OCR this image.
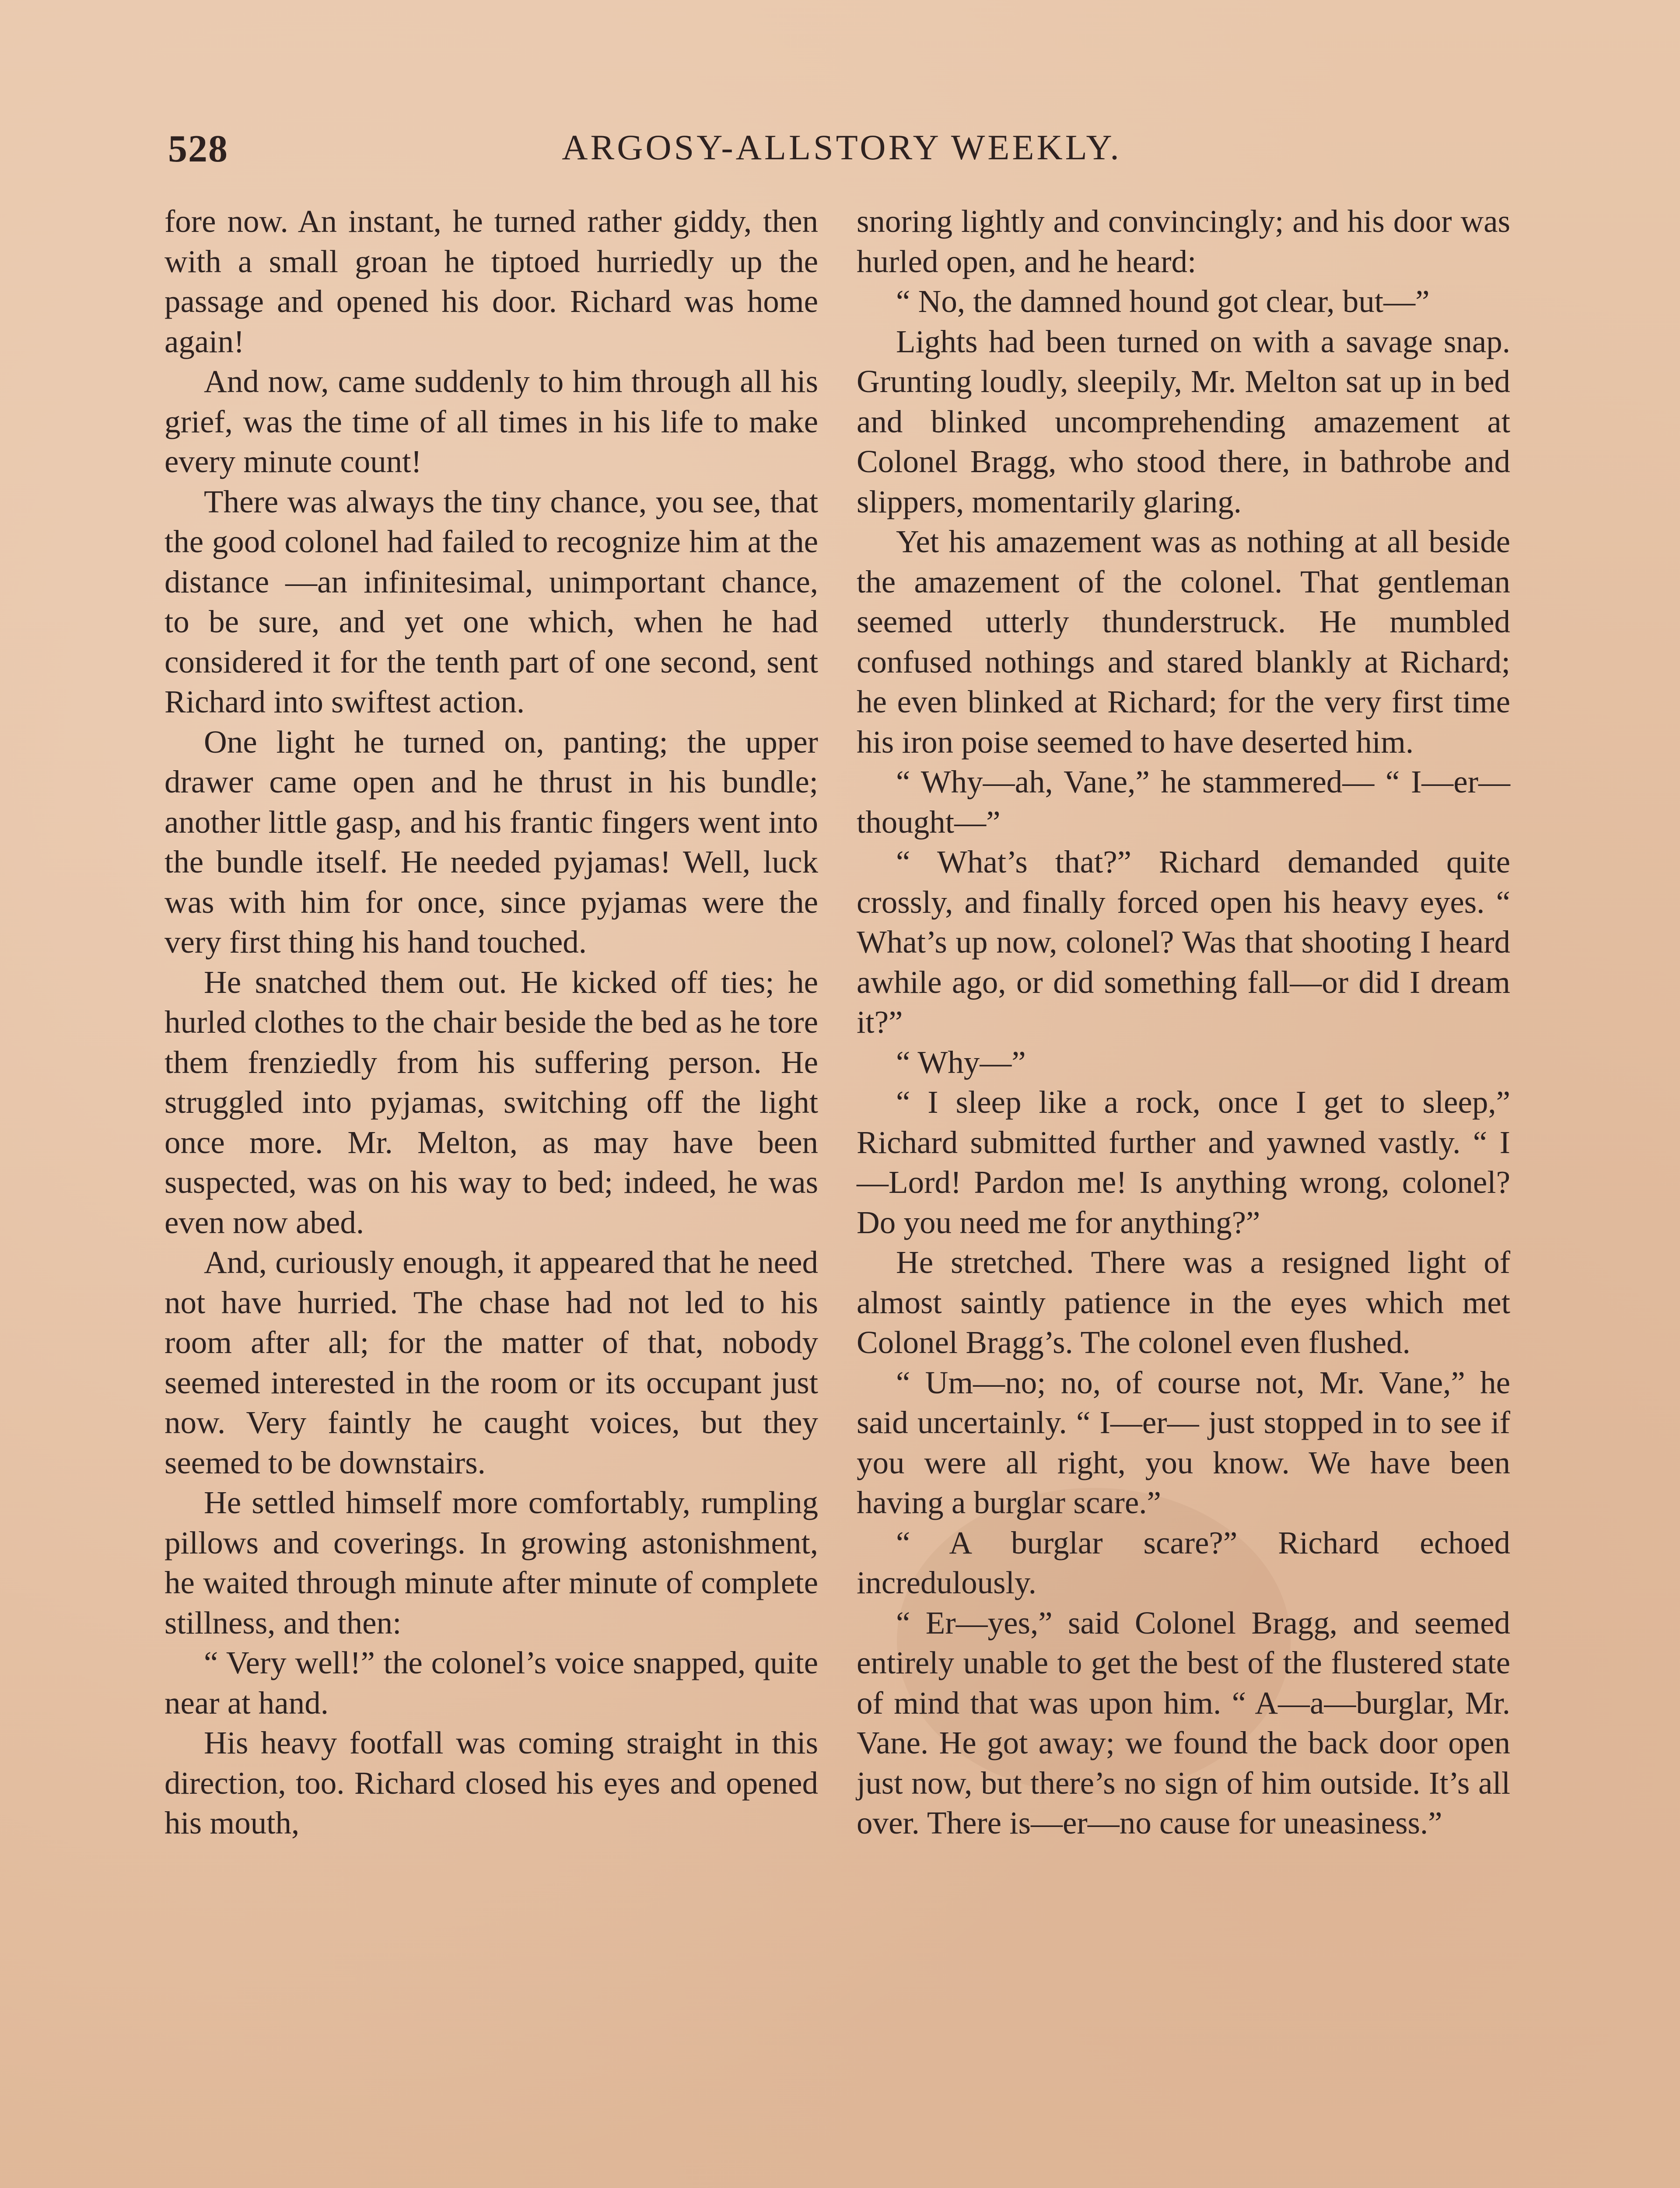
528	ARGOSY-ALLSTORY WEEKLY.

fore now. An instant, he turned rather giddy, then with a small groan he tiptoed hurriedly up the passage and opened his door. Richard was home again!

And now, came suddenly to him through all his grief, was the time of all times in his life to make every minute count!

There was always the tiny chance, you see, that the good colonel had failed to recognize him at the distance —an infinitesimal, unimportant chance, to be sure, and yet one which, when he had considered it for the tenth part of one second, sent Richard into swiftest action.

One light he turned on, panting; the upper drawer came open and he thrust in his bundle; another little gasp, and his frantic fingers went into the bundle itself. He needed pyjamas! Well, luck was with him for once, since pyjamas were the very first thing his hand touched.

He snatched them out. He kicked off ties; he hurled clothes to the chair beside the bed as he tore them frenziedly from his suffering person. He struggled into pyjamas, switching off the light once more. Mr. Melton, as may have been suspected, was on his way to bed; indeed, he was even now abed.

And, curiously enough, it appeared that he need not have hurried. The chase had not led to his room after all; for the matter of that, nobody seemed interested in the room or its occupant just now. Very faintly he caught voices, but they seemed to be downstairs.

He settled himself more comfortably, rumpling pillows and coverings. In growing astonishment, he waited through minute after minute of complete stillness, and then:

“ Very well!” the colonel’s voice snapped, quite near at hand.

His heavy footfall was coming straight in this direction, too. Richard closed his eyes and opened his mouth,

snoring lightly and convincingly; and his door was hurled open, and he heard:

“ No, the damned hound got clear, but—”

Lights had been turned on with a savage snap. Grunting loudly, sleepily, Mr. Melton sat up in bed and blinked uncomprehending amazement at Colonel Bragg, who stood there, in bathrobe and slippers, momentarily glaring.

Yet his amazement was as nothing at all beside the amazement of the colonel. That gentleman seemed utterly thunderstruck. He mumbled confused nothings and stared blankly at Richard; he even blinked at Richard; for the very first time his iron poise seemed to have deserted him.

“ Why—ah, Vane,” he stammered— “ I—er—thought—”

“ What’s that?” Richard demanded quite crossly, and finally forced open his heavy eyes. “ What’s up now, colonel? Was that shooting I heard awhile ago, or did something fall—or did I dream it?”

“ Why—”

“ I sleep like a rock, once I get to sleep,” Richard submitted further and yawned vastly. “ I—Lord! Pardon me! Is anything wrong, colonel? Do you need me for anything?”

He stretched. There was a resigned light of almost saintly patience in the eyes which met Colonel Bragg’s. The colonel even flushed.

“ Um—no; no, of course not, Mr. Vane,” he said uncertainly. “ I—er— just stopped in to see if you were all right, you know. We have been having a burglar scare.”

“ A burglar scare?” Richard echoed incredulously.

“ Er—yes,” said Colonel Bragg, and seemed entirely unable to get the best of the flustered state of mind that was upon him. “ A—a—burglar, Mr. Vane. He got away; we found the back door open just now, but there’s no sign of him outside. It’s all over. There is—er—no cause for uneasiness.”
